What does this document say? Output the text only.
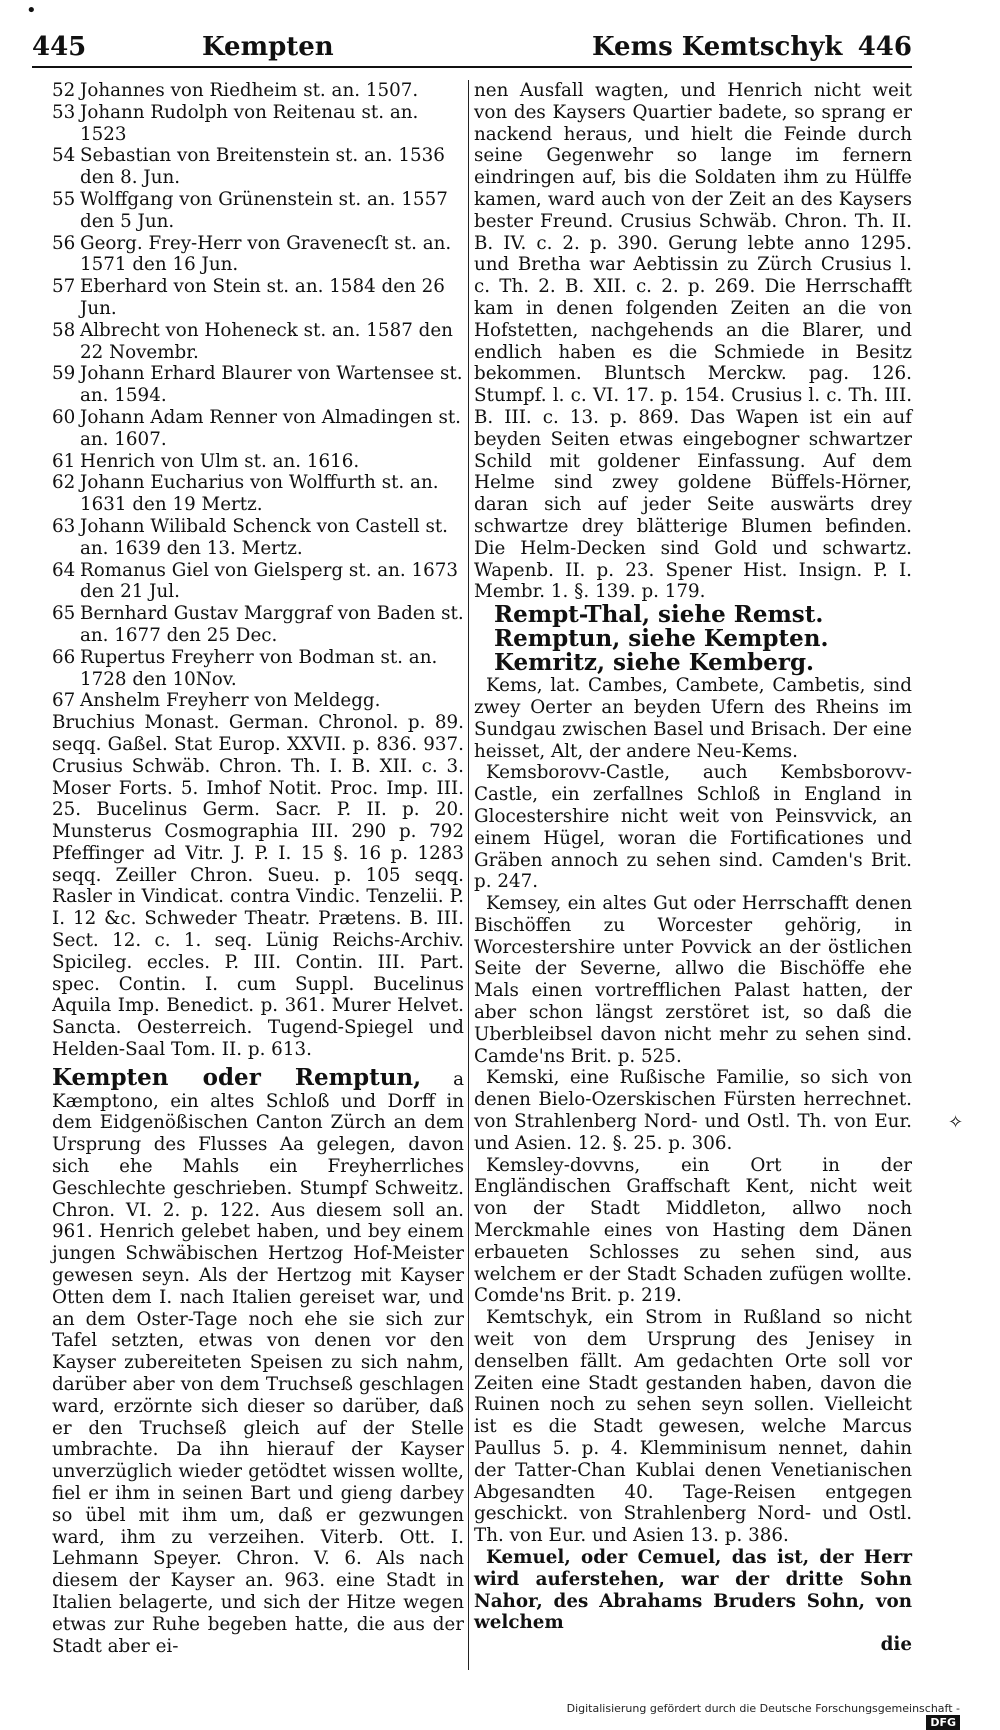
•
445	Kempten	Kems Kemtschyk 446
52 Johannes von Riedheim st. an. 1507.
53 Johann Rudolph von Reitenau st. an. 1523
54 Sebastian von Breitenstein st. an. 1536 den 8. Jun.
55 Wolffgang von Grünenstein st. an. 1557 den 5 Jun.
56 Georg. Frey-Herr von Gravenecſt st. an. 1571 den 16 Jun.
57 Eberhard von Stein st. an. 1584 den 26 Jun.
58 Albrecht von Hoheneck st. an. 1587 den 22 Novembr.
59 Johann Erhard Blaurer von Wartensee st. an. 1594.
60 Johann Adam Renner von Almadingen st. an. 1607.
61 Henrich von Ulm st. an. 1616.
62 Johann Eucharius von Wolffurth st. an. 1631 den 19 Mertz.
63 Johann Wilibald Schenck von Castell st. an. 1639 den 13. Mertz.
64 Romanus Giel von Gielsperg st. an. 1673 den 21 Jul.
65 Bernhard Gustav Marggraf von Baden st. an. 1677 den 25 Dec.
66 Rupertus Freyherr von Bodman st. an. 1728 den 10Nov.
67 Anshelm Freyherr von Meldegg.

Bruchius Monast. German. Chronol. p. 89. seqq. Gaßel. Stat Europ. XXVII. p. 836. 937. Crusius Schwäb. Chron. Th. I. B. XII. c. 3. Moser Forts. 5. Imhof Notit. Proc. Imp. III. 25. Bucelinus Germ. Sacr. P. II. p. 20. Munsterus Cosmographia III. 290 p. 792 Pfeffinger ad Vitr. J. P. I. 15 §. 16 p. 1283 seqq. Zeiller Chron. Sueu. p. 105 seqq. Rasler in Vindicat. contra Vindic. Tenzelii. P. I. 12 &c. Schweder Theatr. Prætens. B. III. Sect. 12. c. 1. seq. Lünig Reichs-Archiv. Spicileg. eccles. P. III. Contin. III. Part. spec. Contin. I. cum Suppl. Bucelinus Aquila Imp. Benedict. p. 361. Murer Helvet. Sancta. Oesterreich. Tugend-Spiegel und Helden-Saal Tom. II. p. 613.

Kempten oder Remptun, a Kæmptono, ein altes Schloß und Dorff in dem Eidgenößischen Canton Zürch an dem Ursprung des Flusses Aa gelegen, davon sich ehe Mahls ein Freyherrliches Geschlechte geschrieben. Stumpf Schweitz. Chron. VI. 2. p. 122. Aus diesem soll an. 961. Henrich gelebet haben, und bey einem jungen Schwäbischen Hertzog Hof-Meister gewesen seyn. Als der Hertzog mit Kayser Otten dem I. nach Italien gereiset war, und an dem Oster-Tage noch ehe sie sich zur Tafel setzten, etwas von denen vor den Kayser zubereiteten Speisen zu sich nahm, darüber aber von dem Truchseß geschlagen ward, erzörnte sich dieser so darüber, daß er den Truchseß gleich auf der Stelle umbrachte. Da ihn hierauf der Kayser unverzüglich wieder getödtet wissen wollte, fiel er ihm in seinen Bart und gieng darbey so übel mit ihm um, daß er gezwungen ward, ihm zu verzeihen. Viterb. Ott. I. Lehmann Speyer. Chron. V. 6. Als nach diesem der Kayser an. 963. eine Stadt in Italien belagerte, und sich der Hitze wegen etwas zur Ruhe begeben hatte, die aus der Stadt aber ei-

nen Ausfall wagten, und Henrich nicht weit von des Kaysers Quartier badete, so sprang er nackend heraus, und hielt die Feinde durch seine Gegenwehr so lange im fernern eindringen auf, bis die Soldaten ihm zu Hülffe kamen, ward auch von der Zeit an des Kaysers bester Freund. Crusius Schwäb. Chron. Th. II. B. IV. c. 2. p. 390. Gerung lebte anno 1295. und Bretha war Aebtissin zu Zürch Crusius l. c. Th. 2. B. XII. c. 2. p. 269. Die Herrschafft kam in denen folgenden Zeiten an die von Hofstetten, nachgehends an die Blarer, und endlich haben es die Schmiede in Besitz bekommen. Bluntsch Merckw. pag. 126. Stumpf. l. c. VI. 17. p. 154. Crusius l. c. Th. III. B. III. c. 13. p. 869. Das Wapen ist ein auf beyden Seiten etwas eingebogner schwartzer Schild mit goldener Einfassung. Auf dem Helme sind zwey goldene Büffels-Hörner, daran sich auf jeder Seite auswärts drey schwartze drey blätterige Blumen befinden. Die Helm-Decken sind Gold und schwartz. Wapenb. II. p. 23. Spener Hist. Insign. P. I. Membr. 1. §. 139. p. 179.

Rempt-Thal, siehe Remst.
Remptun, siehe Kempten.
Kemritz, siehe Kemberg.

Kems, lat. Cambes, Cambete, Cambetis, sind zwey Oerter an beyden Ufern des Rheins im Sundgau zwischen Basel und Brisach. Der eine heisset, Alt, der andere Neu-Kems.

Kemsborovv-Castle, auch Kembsborovv-Castle, ein zerfallnes Schloß in England in Glocestershire nicht weit von Peinsvvick, an einem Hügel, woran die Fortificationes und Gräben annoch zu sehen sind. Camden's Brit. p. 247.

Kemsey, ein altes Gut oder Herrschafft denen Bischöffen zu Worcester gehörig, in Worcestershire unter Povvick an der östlichen Seite der Severne, allwo die Bischöffe ehe Mals einen vortrefflichen Palast hatten, der aber schon längst zerstöret ist, so daß die Uberbleibsel davon nicht mehr zu sehen sind. Camde'ns Brit. p. 525.

Kemski, eine Rußische Familie, so sich von denen Bielo-Ozerskischen Fürsten herrechnet. von Strahlenberg Nord- und Ostl. Th. von Eur. und Asien. 12. §. 25. p. 306.

Kemsley-dovvns, ein Ort in der Engländischen Graffschaft Kent, nicht weit von der Stadt Middleton, allwo noch Merckmahle eines von Hasting dem Dänen erbaueten Schlosses zu sehen sind, aus welchem er der Stadt Schaden zufügen wollte. Comde'ns Brit. p. 219.

Kemtschyk, ein Strom in Rußland so nicht weit von dem Ursprung des Jenisey in denselben fällt. Am gedachten Orte soll vor Zeiten eine Stadt gestanden haben, davon die Ruinen noch zu sehen seyn sollen. Vielleicht ist es die Stadt gewesen, welche Marcus Paullus 5. p. 4. Klemminisum nennet, dahin der Tatter-Chan Kublai denen Venetianischen Abgesandten 40. Tage-Reisen entgegen geschickt. von Strahlenberg Nord- und Ostl. Th. von Eur. und Asien 13. p. 386.

Kemuel, oder Cemuel, das ist, der Herr wird auferstehen, war der dritte Sohn Nahor, des Abrahams Bruders Sohn, von welchem

die
✧
Digitalisierung gefördert durch die Deutsche Forschungsgemeinschaft -DFG
